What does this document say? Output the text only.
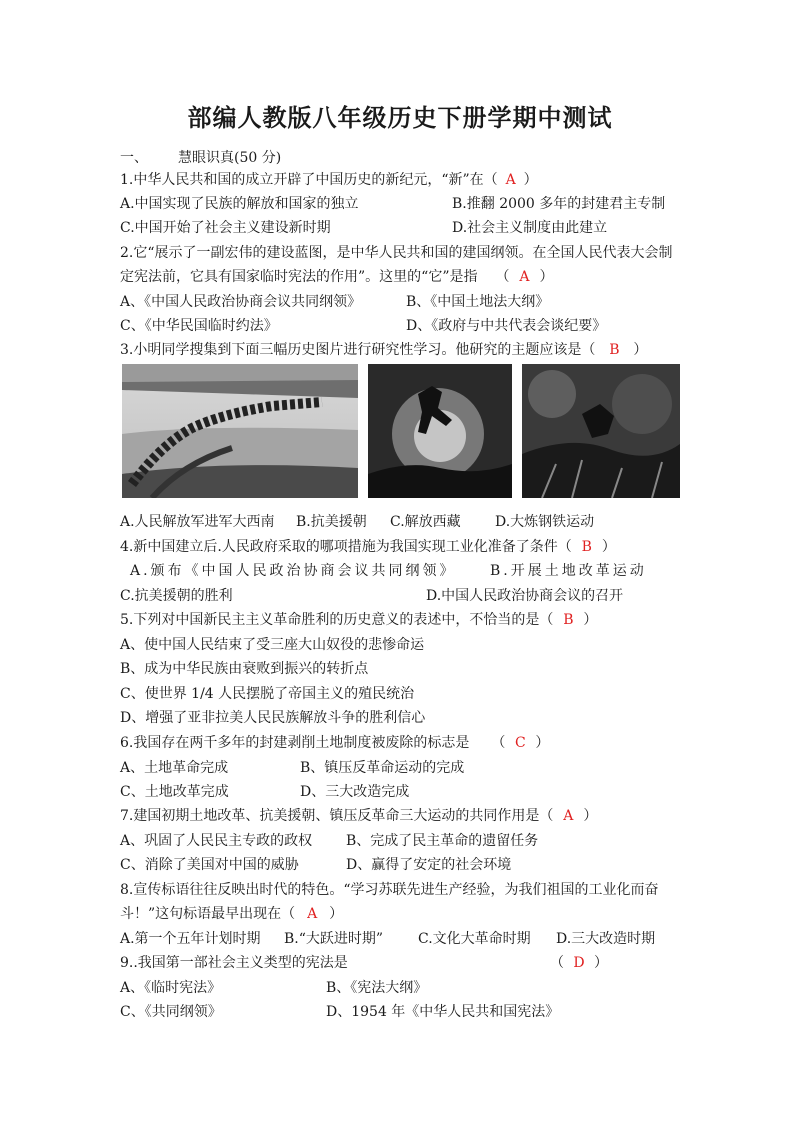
部编人教版八年级历史下册学期中测试
一、 慧眼识真(50 分)
1.中华人民共和国的成立开辟了中国历史的新纪元，“新”在（ A ）
A.中国实现了民族的解放和国家的独立	B.推翻 2000 多年的封建君主专制
C.中国开始了社会主义建设新时期	D.社会主义制度由此建立
2.它“展示了一副宏伟的建设蓝图，是中华人民共和国的建国纲领。在全国人民代表大会制
定宪法前，它具有国家临时宪法的作用”。这里的“它”是指 （ A ）
A、《中国人民政治协商会议共同纲领》	B、《中国土地法大纲》
C、《中华民国临时约法》	D、《政府与中共代表会谈纪要》
3.小明同学搜集到下面三幅历史图片进行研究性学习。他研究的主题应该是（ B ）
A.人民解放军进军大西南 B.抗美援朝 C.解放西藏 D.大炼钢铁运动
4.新中国建立后.人民政府采取的哪项措施为我国实现工业化准备了条件（ B ）
A.颁布《中国人民政治协商会议共同纲领》	B.开展土地改革运动
C.抗美援朝的胜利	D.中国人民政治协商会议的召开
5.下列对中国新民主主义革命胜利的历史意义的表述中，不恰当的是（ B ）
A、使中国人民结束了受三座大山奴役的悲惨命运
B、成为中华民族由衰败到振兴的转折点
C、使世界 1/4 人民摆脱了帝国主义的殖民统治
D、增强了亚非拉美人民民族解放斗争的胜利信心
6.我国存在两千多年的封建剥削土地制度被废除的标志是 （ C ）
A、土地革命完成	B、镇压反革命运动的完成
C、土地改革完成	D、三大改造完成
7.建国初期土地改革、抗美援朝、镇压反革命三大运动的共同作用是（ A ）
A、巩固了人民民主专政的政权 B、完成了民主革命的遗留任务
C、消除了美国对中国的威胁	D、赢得了安定的社会环境
8.宣传标语往往反映出时代的特色。“学习苏联先进生产经验，为我们祖国的工业化而奋
斗！”这句标语最早出现在（ A ）
A.第一个五年计划时期 B.“大跃进时期” C.文化大革命时期 D.三大改造时期
9..我国第一部社会主义类型的宪法是	（ D ）
A、《临时宪法》	B、《宪法大纲》
C、《共同纲领》	D、1954 年《中华人民共和国宪法》
